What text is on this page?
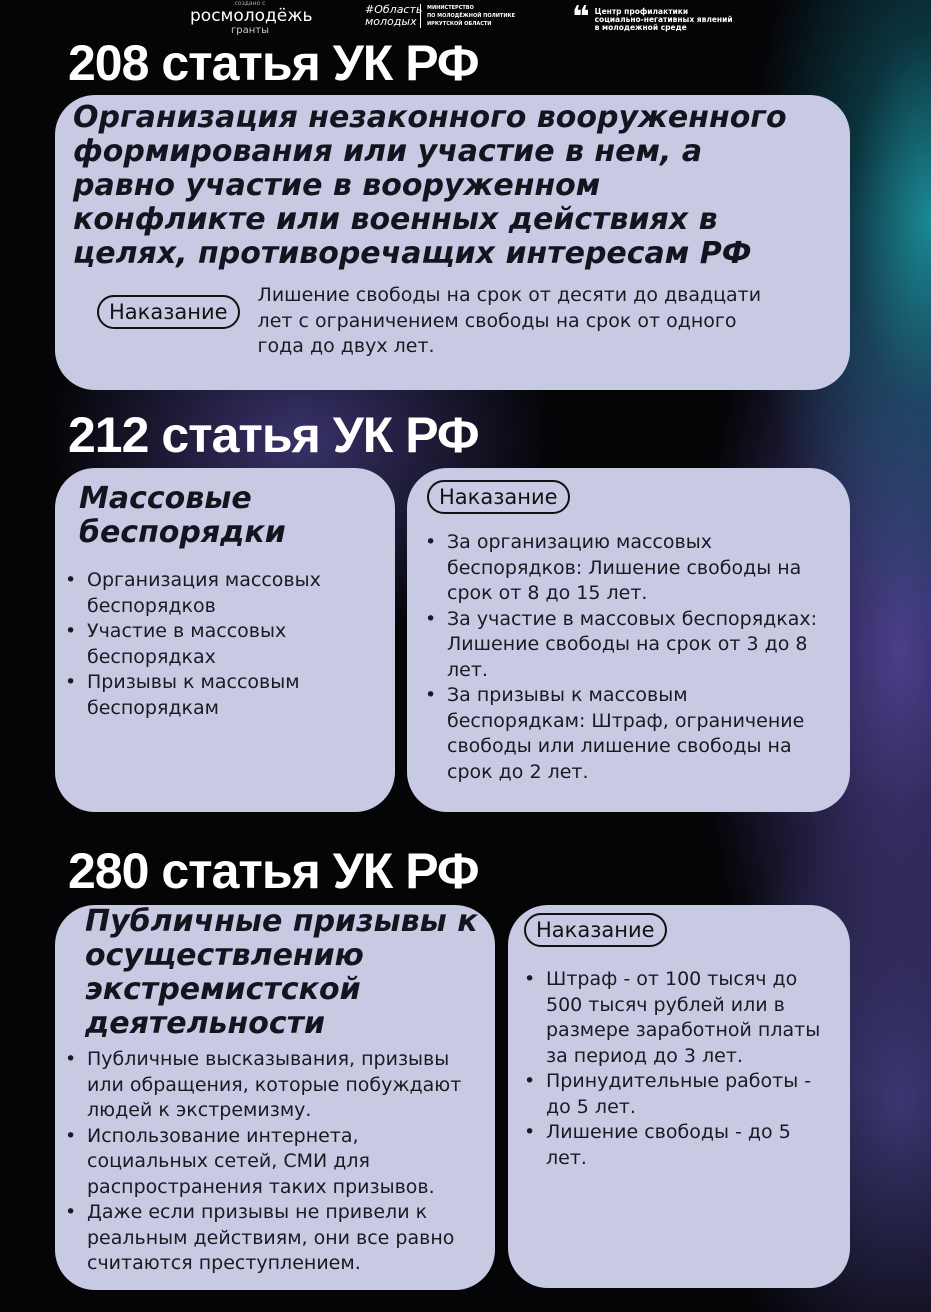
создано с
росмолодёжь
гранты
#Область молодых
МИНИСТЕРСТВО
ПО МОЛОДЁЖНОЙ ПОЛИТИКЕ
ИРКУТСКОЙ ОБЛАСТИ	❝ Центр профилактики
социально-негативных явлений
в молодежной среде
208 статья УК РФ
Организация незаконного вооруженного формирования или участие в нем, а равно участие в вооруженном конфликте или военных действиях в целях, противоречащих интересам РФ
Наказание
Лишение свободы на срок от десяти до двадцати лет с ограничением свободы на срок от одного года до двух лет.
212 статья УК РФ
Массовые беспорядки
• Организация массовых беспорядков
• Участие в массовых беспорядках
• Призывы к массовым беспорядкам
Наказание
• За организацию массовых беспорядков: Лишение свободы на срок от 8 до 15 лет.
• За участие в массовых беспорядках: Лишение свободы на срок от 3 до 8 лет.
• За призывы к массовым беспорядкам: Штраф, ограничение свободы или лишение свободы на срок до 2 лет.
280 статья УК РФ
Публичные призывы к осуществлению экстремистской деятельности
• Публичные высказывания, призывы или обращения, которые побуждают людей к экстремизму.
• Использование интернета, социальных сетей, СМИ для распространения таких призывов.
• Даже если призывы не привели к реальным действиям, они все равно считаются преступлением.
Наказание
• Штраф - от 100 тысяч до 500 тысяч рублей или в размере заработной платы за период до 3 лет.
• Принудительные работы - до 5 лет.
• Лишение свободы - до 5 лет.
